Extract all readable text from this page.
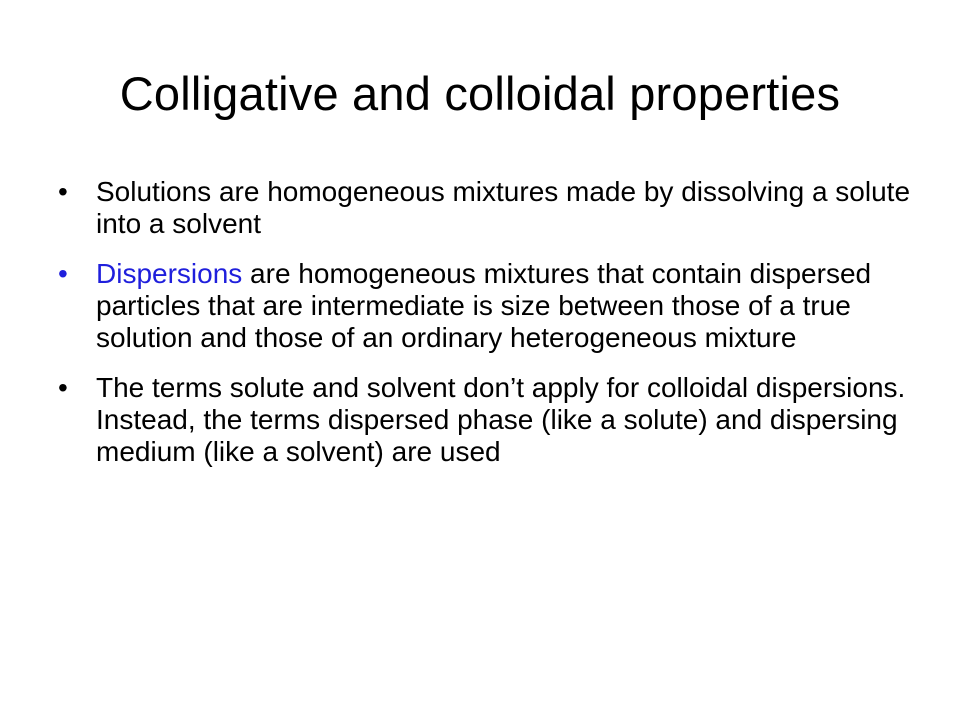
Colligative and colloidal properties
• Solutions are homogeneous mixtures made by dissolving a solute into a solvent
• Dispersions are homogeneous mixtures that contain dispersed particles that are intermediate is size between those of a true solution and those of an ordinary heterogeneous mixture
• The terms solute and solvent don’t apply for colloidal dispersions.  Instead, the terms dispersed phase (like a solute) and dispersing medium (like a solvent) are used
